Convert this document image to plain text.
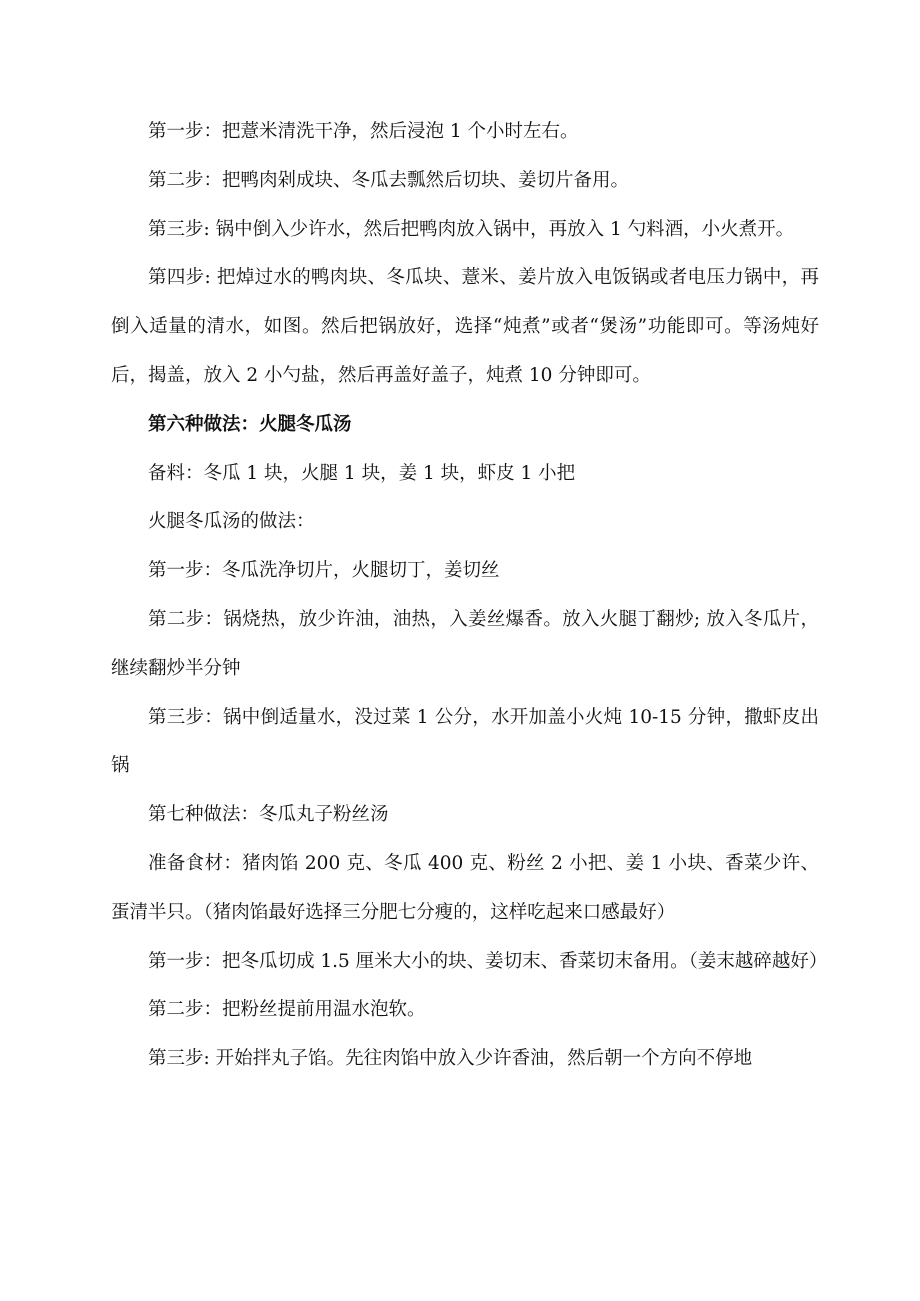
第一步：把薏米清洗干净，然后浸泡 1 个小时左右。

第二步：把鸭肉剁成块、冬瓜去瓢然后切块、姜切片备用。

第三步: 锅中倒入少许水，然后把鸭肉放入锅中，再放入 1 勺料酒，小火煮开。

第四步: 把焯过水的鸭肉块、冬瓜块、薏米、姜片放入电饭锅或者电压力锅中，再倒入适量的清水，如图。然后把锅放好，选择“炖煮”或者“煲汤”功能即可。等汤炖好后，揭盖，放入 2 小勺盐，然后再盖好盖子，炖煮 10 分钟即可。

第六种做法：火腿冬瓜汤

备料：冬瓜 1 块，火腿 1 块，姜 1 块，虾皮 1 小把

火腿冬瓜汤的做法：

第一步：冬瓜洗净切片，火腿切丁，姜切丝

第二步：锅烧热，放少许油，油热，入姜丝爆香。放入火腿丁翻炒; 放入冬瓜片，继续翻炒半分钟

第三步：锅中倒适量水，没过菜 1 公分，水开加盖小火炖 10-15 分钟，撒虾皮出锅

第七种做法：冬瓜丸子粉丝汤

准备食材：猪肉馅 200 克、冬瓜 400 克、粉丝 2 小把、姜 1 小块、香菜少许、蛋清半只。（猪肉馅最好选择三分肥七分瘦的，这样吃起来口感最好）

第一步：把冬瓜切成 1.5 厘米大小的块、姜切末、香菜切末备用。（姜末越碎越好）

第二步：把粉丝提前用温水泡软。

第三步: 开始拌丸子馅。先往肉馅中放入少许香油，然后朝一个方向不停地
